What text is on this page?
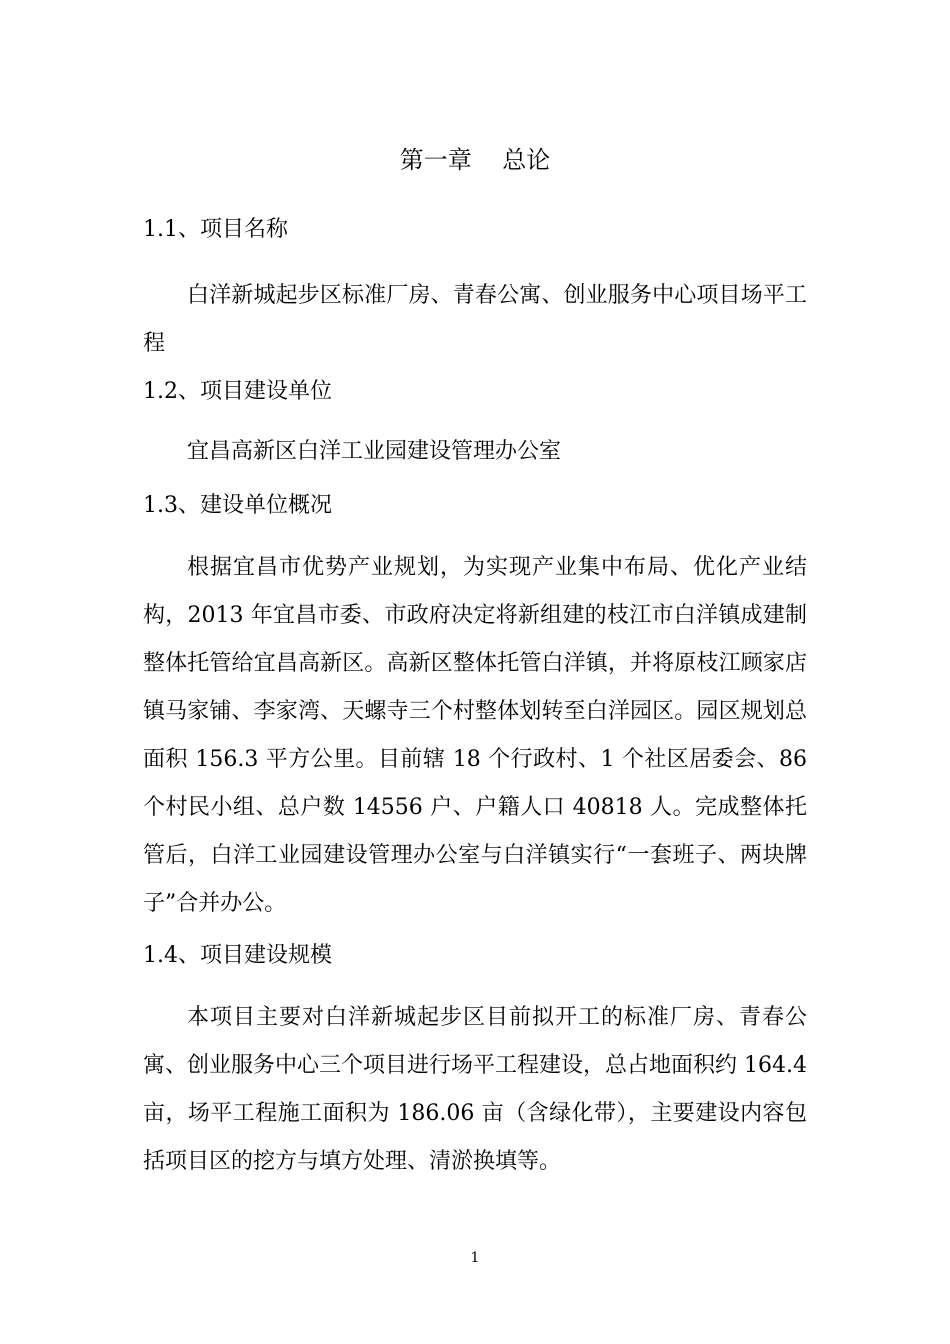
第一章    总论
1.1、项目名称
白洋新城起步区标准厂房、青春公寓、创业服务中心项目场平工程
1.2、项目建设单位
宜昌高新区白洋工业园建设管理办公室
1.3、建设单位概况
根据宜昌市优势产业规划，为实现产业集中布局、优化产业结构，2013 年宜昌市委、市政府决定将新组建的枝江市白洋镇成建制整体托管给宜昌高新区。高新区整体托管白洋镇，并将原枝江顾家店镇马家铺、李家湾、天螺寺三个村整体划转至白洋园区。园区规划总面积 156.3 平方公里。目前辖 18 个行政村、1 个社区居委会、86 个村民小组、总户数 14556 户、户籍人口 40818 人。完成整体托管后，白洋工业园建设管理办公室与白洋镇实行“一套班子、两块牌子”合并办公。
1.4、项目建设规模
本项目主要对白洋新城起步区目前拟开工的标准厂房、青春公寓、创业服务中心三个项目进行场平工程建设，总占地面积约 164.4 亩，场平工程施工面积为 186.06 亩（含绿化带），主要建设内容包括项目区的挖方与填方处理、清淤换填等。
1
